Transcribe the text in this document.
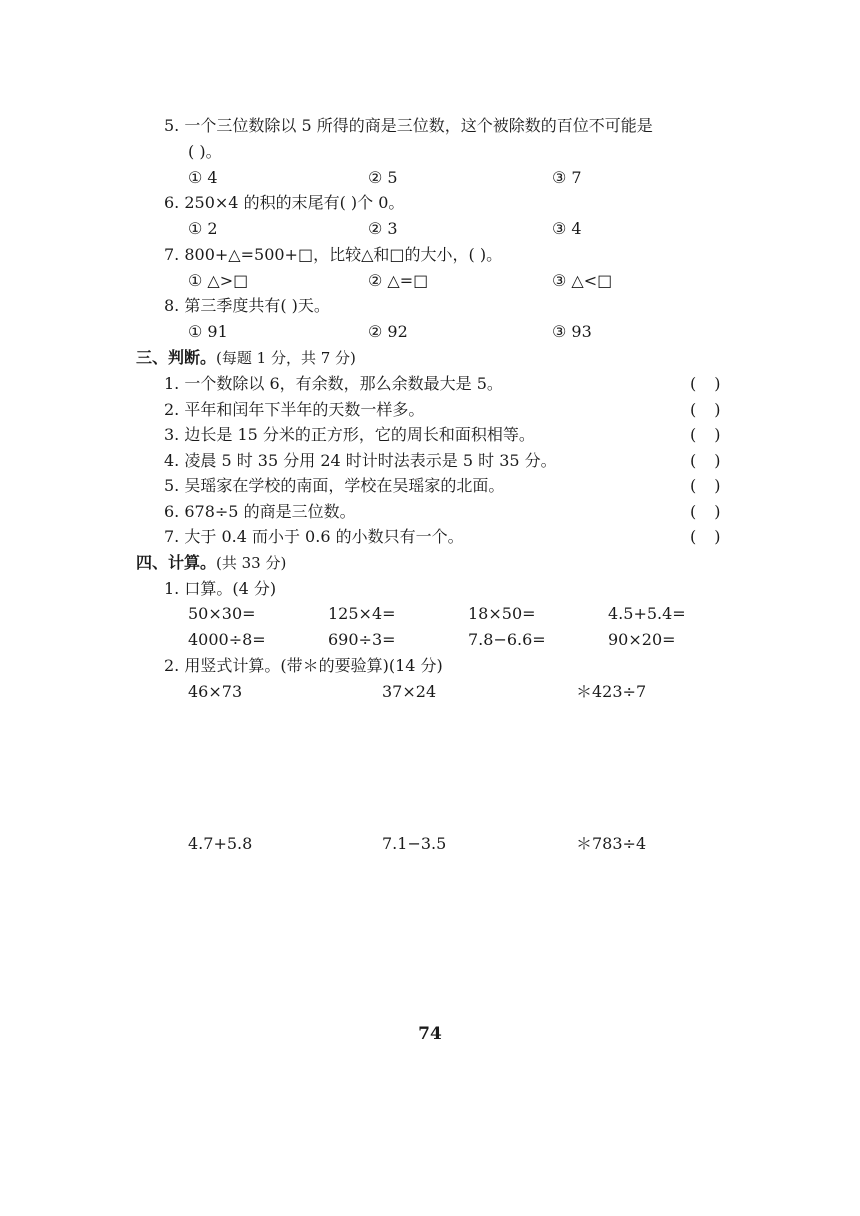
5. 一个三位数除以 5 所得的商是三位数，这个被除数的百位不可能是
( )。
① 4	② 5	③ 7
6. 250×4 的积的末尾有( )个 0。
① 2	② 3	③ 4
7. 800+△=500+□，比较△和□的大小，( )。
① △>□	② △=□	③ △<□
8. 第三季度共有( )天。
① 91	② 92	③ 93
三、判断。(每题 1 分，共 7 分)
1. 一个数除以 6，有余数，那么余数最大是 5。	()
2. 平年和闰年下半年的天数一样多。	()
3. 边长是 15 分米的正方形，它的周长和面积相等。	()
4. 凌晨 5 时 35 分用 24 时计时法表示是 5 时 35 分。	()
5. 吴瑶家在学校的南面，学校在吴瑶家的北面。	()
6. 678÷5 的商是三位数。	()
7. 大于 0.4 而小于 0.6 的小数只有一个。	()
四、计算。(共 33 分)
1. 口算。(4 分)
50×30=	125×4=	18×50=	4.5+5.4=
4000÷8=	690÷3=	7.8−6.6=	90×20=
2. 用竖式计算。(带＊的要验算)(14 分)
46×73	37×24	＊423÷7
4.7+5.8	7.1−3.5	＊783÷4
74
